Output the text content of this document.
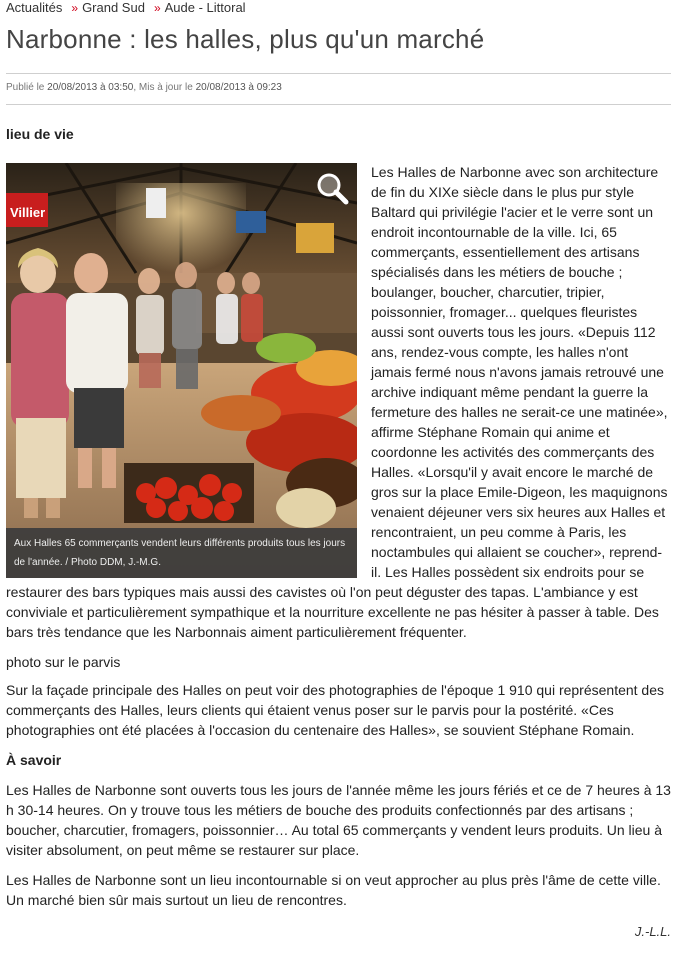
Actualités » Grand Sud » Aude - Littoral
Narbonne : les halles, plus qu'un marché
Publié le 20/08/2013 à 03:50, Mis à jour le 20/08/2013 à 09:23
lieu de vie

Les Halles de Narbonne avec son architecture de fin du XIXe siècle dans le plus pur style Baltard qui privilégie l'acier et le verre sont un endroit incontournable de la ville. Ici, 65 commerçants, essentiellement des artisans spécialisés dans les métiers de bouche ; boulanger, boucher, charcutier, tripier, poissonnier, fromager... quelques fleuristes aussi sont ouverts tous les jours. «Depuis 112 ans, rendez-vous compte, les halles n'ont jamais fermé nous n'avons jamais retrouvé une archive indiquant même pendant la guerre la fermeture des halles ne serait-ce une matinée», affirme Stéphane Romain qui anime et coordonne les activités des commerçants des Halles. «Lorsqu'il y avait encore le marché de gros sur la place Emile-Digeon, les maquignons venaient déjeuner vers six heures aux Halles et rencontraient, un peu comme à Paris, les noctambules qui allaient se coucher», reprend-il. Les Halles possèdent six endroits pour se restaurer des bars typiques mais aussi des cavistes où l'on peut déguster des tapas. L'ambiance y est conviviale et particulièrement sympathique et la nourriture excellente ne pas hésiter à passer à table. Des bars très tendance que les Narbonnais aiment particulièrement fréquenter.

photo sur le parvis

Sur la façade principale des Halles on peut voir des photographies de l'époque 1 910 qui représentent des commerçants des Halles, leurs clients qui étaient venus poser sur le parvis pour la postérité. «Ces photographies ont été placées à l'occasion du centenaire des Halles», se souvient Stéphane Romain.

À savoir

Les Halles de Narbonne sont ouverts tous les jours de l'année même les jours fériés et ce de 7 heures à 13 h 30-14 heures. On y trouve tous les métiers de bouche des produits confectionnés par des artisans ; boucher, charcutier, fromagers, poissonnier… Au total 65 commerçants y vendent leurs produits. Un lieu à visiter absolument, on peut même se restaurer sur place.

Les Halles de Narbonne sont un lieu incontournable si on veut approcher au plus près l'âme de cette ville. Un marché bien sûr mais surtout un lieu de rencontres.

Villier
Aux Halles 65 commerçants vendent leurs différents produits tous les jours de l'année. / Photo DDM, J.-M.G.
J.-L.L.
